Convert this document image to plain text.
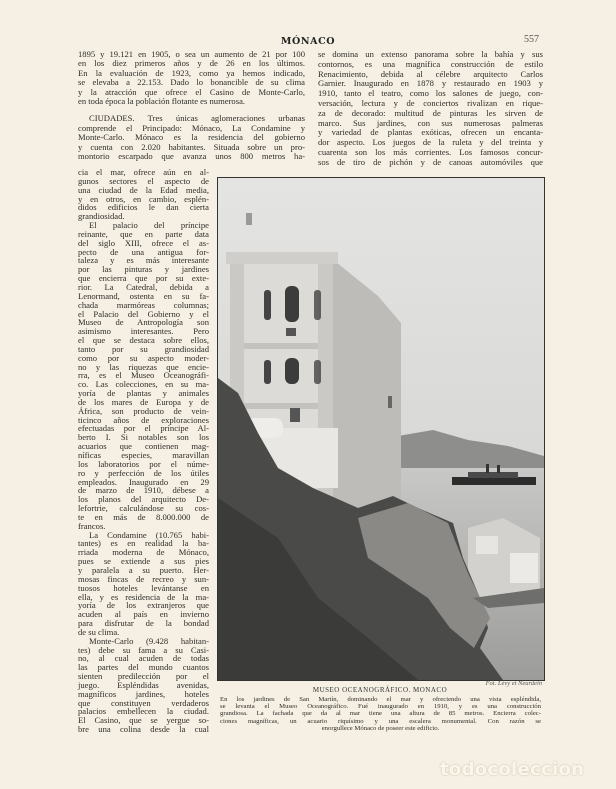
MÓNACO	557
1895 y 19.121 en 1905, o sea un aumento de 21 por 100
en los diez primeros años y de 26 en los últimos.
En la evaluación de 1923, como ya hemos indicado,
se elevaba a 22.153. Dado lo bonancible de su clima
y la atracción que ofrece el Casino de Monte-Carlo,
en toda época la población flotante es numerosa.
CIUDADES. Tres únicas aglomeraciones urbanas
comprende el Principado: Mónaco, La Condamine y
Monte-Carlo. Mónaco es la residencia del gobierno
y cuenta con 2.020 habitantes. Situada sobre un pro-
montorio escarpado que avanza unos 800 metros ha-
se domina un extenso panorama sobre la bahía y sus
contornos, es una magnífica construcción de estilo
Renacimiento, debida al célebre arquitecto Carlos
Garnier. Inaugurado en 1878 y restaurado en 1903 y
1910, tanto el teatro, como los salones de juego, con-
versación, lectura y de conciertos rivalizan en rique-
za de decorado: multitud de pinturas les sirven de
marco. Sus jardines, con sus numerosas palmeras
y variedad de plantas exóticas, ofrecen un encanta-
dor aspecto. Los juegos de la ruleta y del treinta y
cuarenta son los más corrientes. Los famosos concur-
sos de tiro de pichón y de canoas automóviles que
cia el mar, ofrece aún en al-
gunos sectores el aspecto de
una ciudad de la Edad media,
y en otros, en cambio, esplén-
didos edificios le dan cierta
grandiosidad.
El palacio del príncipe
reinante, que en parte data
del siglo XIII, ofrece el as-
pecto de una antigua for-
taleza y es más interesante
por las pinturas y jardines
que encierra que por su exte-
rior. La Catedral, debida a
Lenormand, ostenta en su fa-
chada marmóreas columnas;
el Palacio del Gobierno y el
Museo de Antropología son
asimismo interesantes. Pero
el que se destaca sobre ellos,
tanto por su grandiosidad
como por su aspecto moder-
no y las riquezas que encie-
rra, es el Museo Oceanográfi-
co. Las colecciones, en su ma-
yoría de plantas y animales
de los mares de Europa y de
África, son producto de vein-
ticinco años de exploraciones
efectuadas por el príncipe Al-
berto I. Si notables son los
acuarios que contienen mag-
níficas especies, maravillan
los laboratorios por el núme-
ro y perfección de los útiles
empleados. Inaugurado en 29
de marzo de 1910, débese a
los planos del arquitecto De-
lefortrie, calculándose su cos-
te en más de 8.000.000 de
francos.
La Condamine (10.765 habi-
tantes) es en realidad la ba-
rriada moderna de Mónaco,
pues se extiende a sus pies
y paralela a su puerto. Her-
mosas fincas de recreo y sun-
tuosos hoteles levántanse en
ella, y es residencia de la ma-
yoría de los extranjeros que
acuden al país en invierno
para disfrutar de la bondad
de su clima.
Monte-Carlo (9.428 habitan-
tes) debe su fama a su Casi-
no, al cual acuden de todas
las partes del mundo cuantos
sienten predilección por el
juego. Espléndidas avenidas,
magníficos jardines, hoteles
que constituyen verdaderos
palacios embellecen la ciudad.
El Casino, que se yergue so-
bre una colina desde la cual
Fot. Lévy et Neurdein
MUSEO OCEANOGRÁFICO. MONACO
En los jardines de San Martín, dominando el mar y ofreciendo una vista espléndida,
se levanta el Museo Oceanográfico. Fué inaugurado en 1910, y es una construcción
grandiosa. La fachada que da al mar tiene una altura de 85 metros. Encierra colec-
ciones magníficas, un acuario riquísimo y una escalera monumental. Con razón se
enorgullece Mónaco de poseer este edificio.
todocoleccion
